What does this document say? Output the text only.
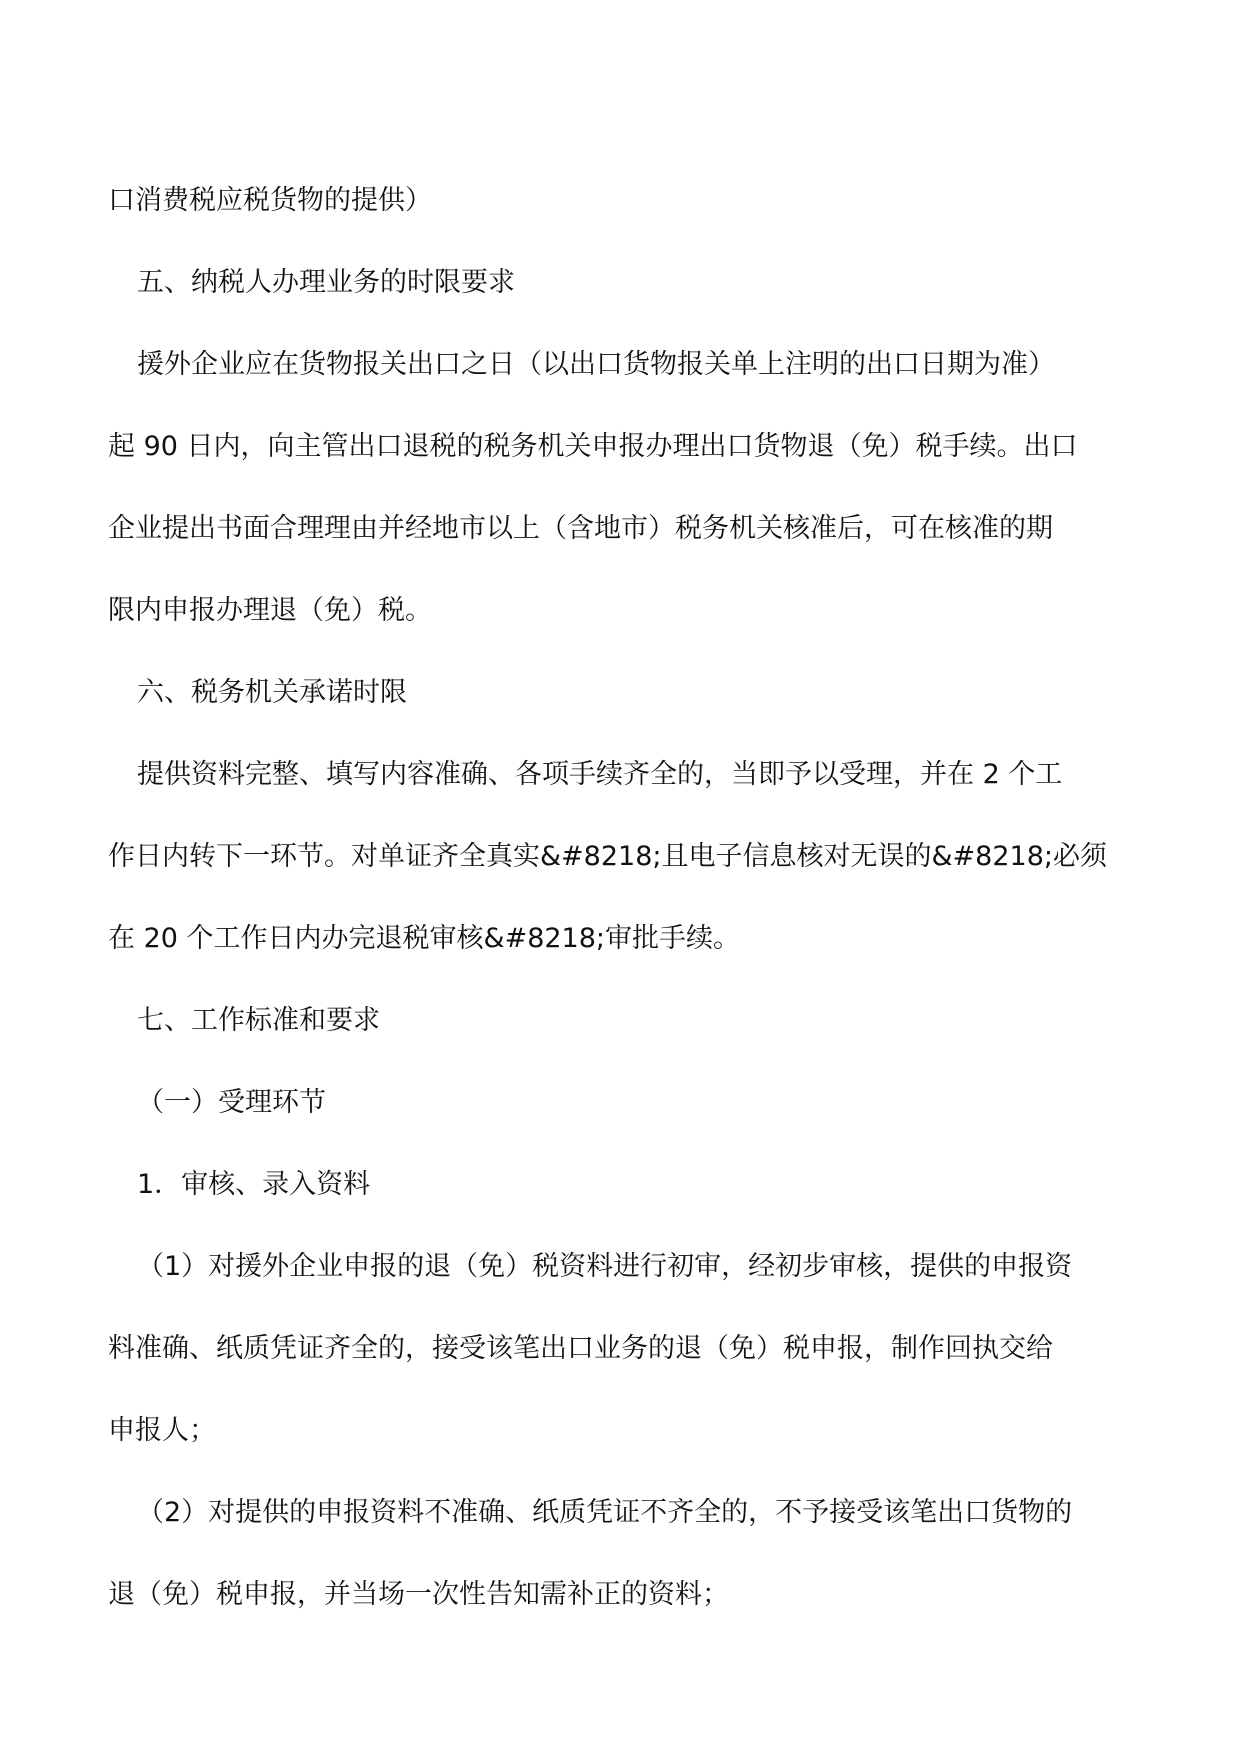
口消费税应税货物的提供）
五、纳税人办理业务的时限要求
援外企业应在货物报关出口之日（以出口货物报关单上注明的出口日期为准）
起 90 日内，向主管出口退税的税务机关申报办理出口货物退（免）税手续。出口
企业提出书面合理理由并经地市以上（含地市）税务机关核准后，可在核准的期
限内申报办理退（免）税。
六、税务机关承诺时限
提供资料完整、填写内容准确、各项手续齐全的，当即予以受理，并在 2 个工
作日内转下一环节。对单证齐全真实&#8218;且电子信息核对无误的&#8218;必须
在 20 个工作日内办完退税审核&#8218;审批手续。
七、工作标准和要求
（一）受理环节
1．审核、录入资料
（1）对援外企业申报的退（免）税资料进行初审，经初步审核，提供的申报资
料准确、纸质凭证齐全的，接受该笔出口业务的退（免）税申报，制作回执交给
申报人；
（2）对提供的申报资料不准确、纸质凭证不齐全的，不予接受该笔出口货物的
退（免）税申报，并当场一次性告知需补正的资料；
